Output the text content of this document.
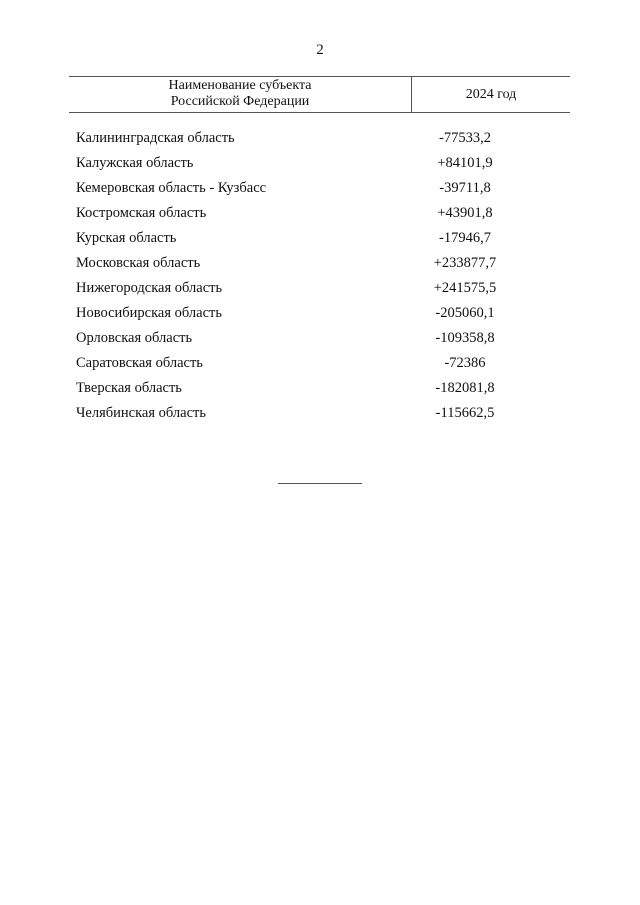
2
Наименование субъекта
Российской Федерации	2024 год
Калининградская область	-77533,2
Калужская область	+84101,9
Кемеровская область - Кузбасс	-39711,8
Костромская область	+43901,8
Курская область	-17946,7
Московская область	+233877,7
Нижегородская область	+241575,5
Новосибирская область	-205060,1
Орловская область	-109358,8
Саратовская область	-72386
Тверская область	-182081,8
Челябинская область	-115662,5
